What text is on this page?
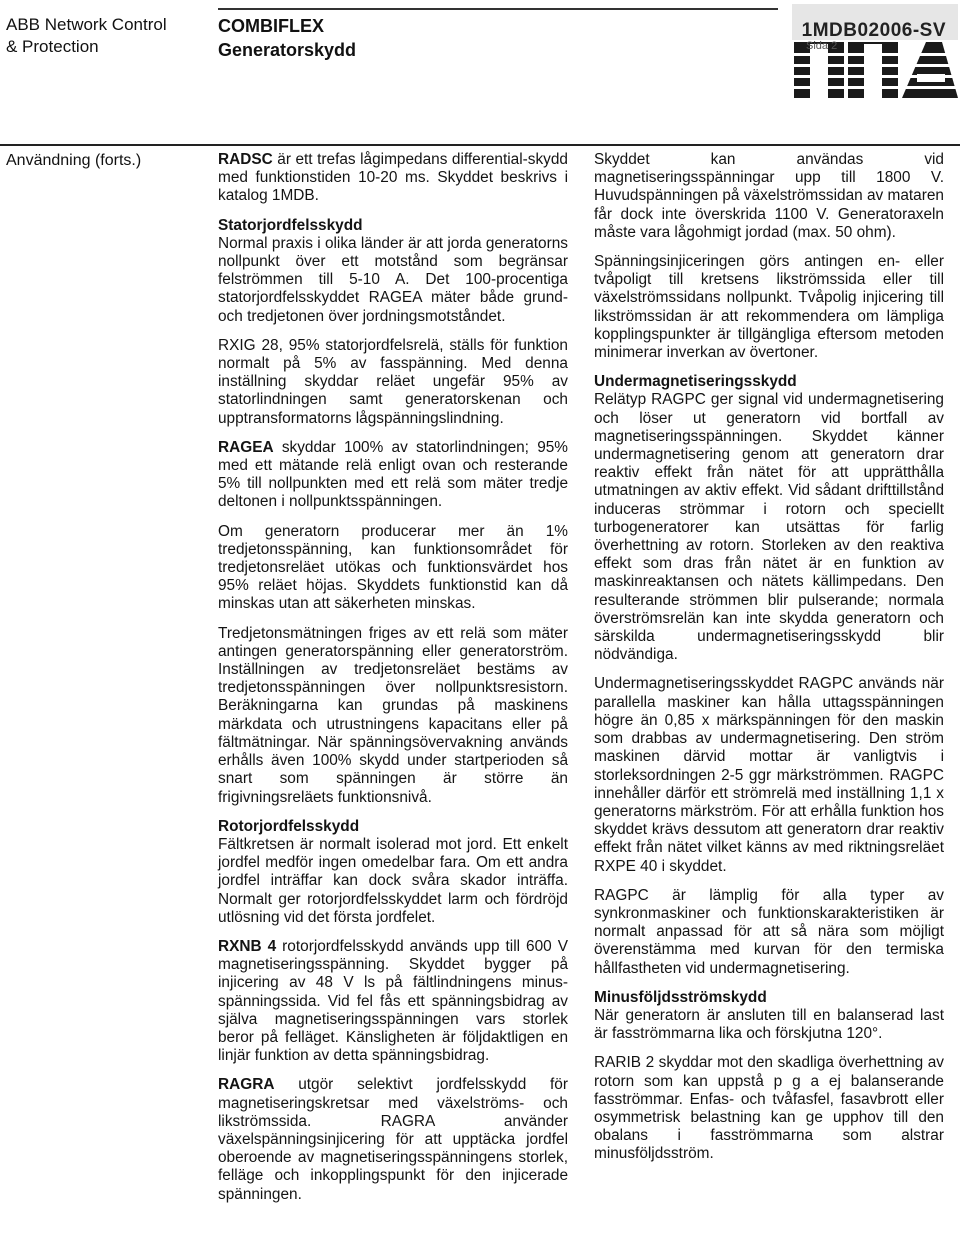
ABB Network Control
& Protection
COMBIFLEX
Generatorskydd
1MDB02006-SV
Sida 2
Användning (forts.)	RADSC är ett trefas lågimpedans differential-skydd med funktionstiden 10-20 ms. Skyddet beskrivs i katalog 1MDB.

Statorjordfelsskydd
Normal praxis i olika länder är att jorda generatorns nollpunkt över ett motstånd som begränsar felströmmen till 5-10 A. Det 100-procentiga statorjordfelsskyddet RAGEA mäter både grund- och tredjetonen över jordningsmotståndet.

RXIG 28, 95% statorjordfelsrelä, ställs för funktion normalt på 5% av fasspänning. Med denna inställning skyddar reläet ungefär 95% av statorlindningen samt generatorskenan och upptransformatorns lågspänningslindning.

RAGEA skyddar 100% av statorlindningen; 95% med ett mätande relä enligt ovan och resterande 5% till nollpunkten med ett relä som mäter tredje deltonen i nollpunktsspänningen.

Om generatorn producerar mer än 1% tredjetonsspänning, kan funktionsområdet för tredjetonsreläet utökas och funktionsvärdet hos 95% reläet höjas. Skyddets funktionstid kan då minskas utan att säkerheten minskas.

Tredjetonsmätningen friges av ett relä som mäter antingen generatorspänning eller generatorström. Inställningen av tredjetonsreläet bestäms av tredjetonsspänningen över nollpunktsresistorn. Beräkningarna kan grundas på maskinens märkdata och utrustningens kapacitans eller på fältmätningar. När spänningsövervakning används erhålls även 100% skydd under startperioden så snart som spänningen är större än frigivningsreläets funktionsnivå.

Rotorjordfelsskydd
Fältkretsen är normalt isolerad mot jord. Ett enkelt jordfel medför ingen omedelbar fara. Om ett andra jordfel inträffar kan dock svåra skador inträffa. Normalt ger rotorjordfelsskyddet larm och fördröjd utlösning vid det första jordfelet.

RXNB 4 rotorjordfelsskydd används upp till 600 V magnetiseringsspänning. Skyddet bygger på injicering av 48 V ls på fältlindningens minus-spänningssida. Vid fel fås ett spänningsbidrag av själva magnetiseringsspänningen vars storlek beror på felläget. Känsligheten är följdaktligen en linjär funktion av detta spänningsbidrag.

RAGRA utgör selektivt jordfelsskydd för magnetiseringskretsar med växelströms- och likströmssida. RAGRA använder växelspänningsinjicering för att upptäcka jordfel oberoende av magnetiseringsspänningens storlek, felläge och inkopplingspunkt för den injicerade spänningen.

Skyddet kan användas vid magnetiseringsspänningar upp till 1800 V. Huvudspänningen på växelströmssidan av mataren får dock inte överskrida 1100 V. Generatoraxeln måste vara lågohmigt jordad (max. 50 ohm).

Spänningsinjiceringen görs antingen en- eller tvåpoligt till kretsens likströmssida eller till växelströmssidans nollpunkt. Tvåpolig injicering till likströmssidan är att rekommendera om lämpliga kopplingspunkter är tillgängliga eftersom metoden minimerar inverkan av övertoner.

Undermagnetiseringsskydd
Relätyp RAGPC ger signal vid undermagnetisering och löser ut generatorn vid bortfall av magnetiseringsspänningen. Skyddet känner undermagnetisering genom att generatorn drar reaktiv effekt från nätet för att upprätthålla utmatningen av aktiv effekt. Vid sådant drifttillstånd induceras strömmar i rotorn och speciellt turbogeneratorer kan utsättas för farlig överhettning av rotorn. Storleken av den reaktiva effekt som dras från nätet är en funktion av maskinreaktansen och nätets källimpedans. Den resulterande strömmen blir pulserande; normala överströmsrelän kan inte skydda generatorn och särskilda undermagnetiseringsskydd blir nödvändiga.

Undermagnetiseringsskyddet RAGPC används när parallella maskiner kan hålla uttagsspänningen högre än 0,85 x märkspänningen för den maskin som drabbas av undermagnetisering. Den ström maskinen därvid mottar är vanligtvis i storleksordningen 2-5 ggr märkströmmen. RAGPC innehåller därför ett strömrelä med inställning 1,1 x generatorns märkström. För att erhålla funktion hos skyddet krävs dessutom att generatorn drar reaktiv effekt från nätet vilket känns av med riktningsreläet RXPE 40 i skyddet.

RAGPC är lämplig för alla typer av synkronmaskiner och funktionskarakteristiken är normalt anpassad för att så nära som möjligt överenstämma med kurvan för den termiska hållfastheten vid undermagnetisering.

Minusföljdsströmskydd
När generatorn är ansluten till en balanserad last är fasströmmarna lika och förskjutna 120°.

RARIB 2 skyddar mot den skadliga överhettning av rotorn som kan uppstå p g a ej balanserande fasströmmar. Enfas- och tvåfasfel, fasavbrott eller osymmetrisk belastning kan ge upphov till den obalans i fasströmmarna som alstrar minusföljdsström.
